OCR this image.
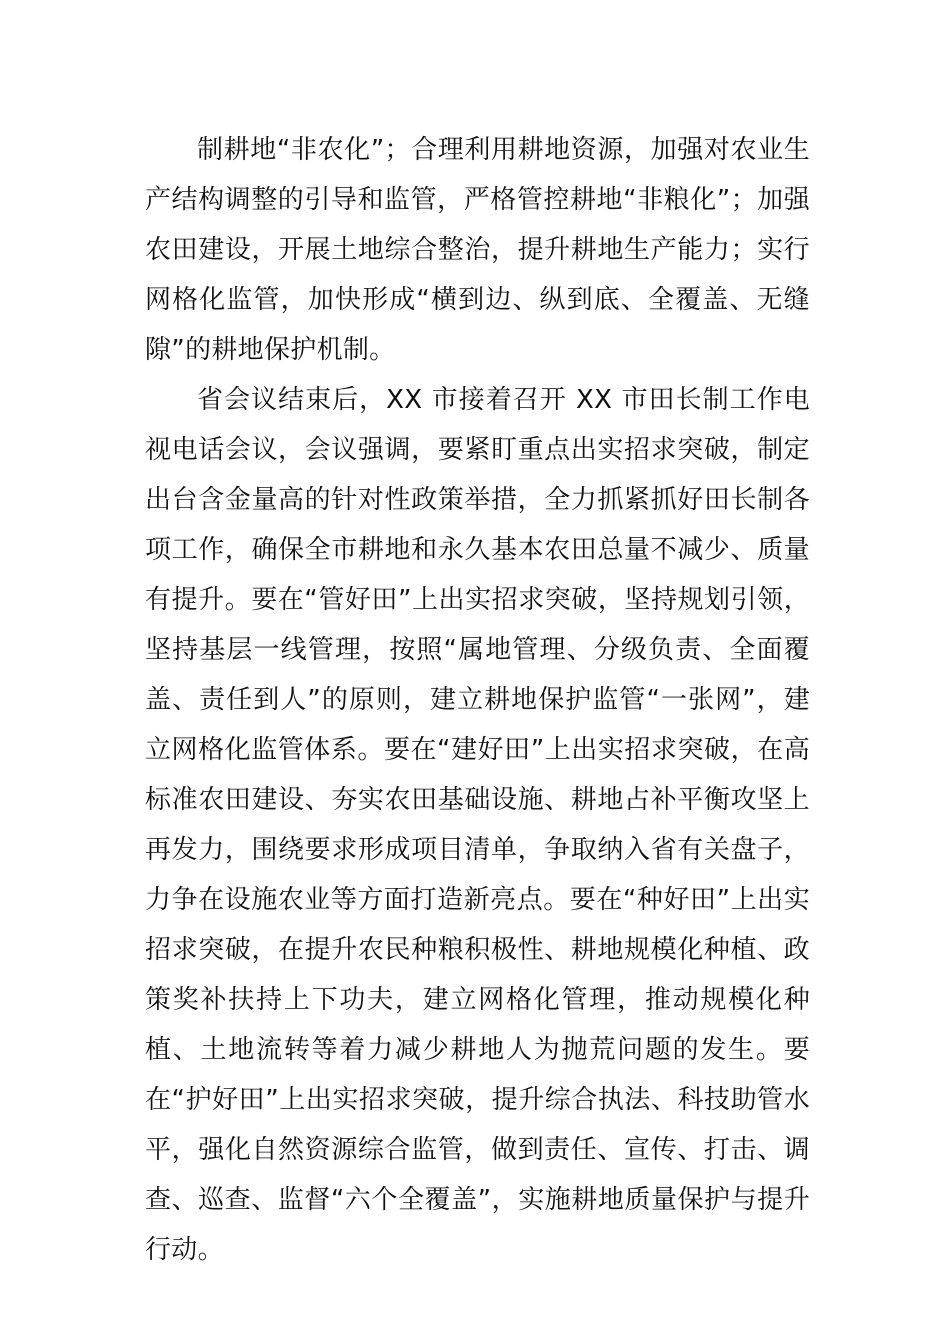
制耕地“非农化”；合理利用耕地资源，加强对农业生产结构调整的引导和监管，严格管控耕地“非粮化”；加强农田建设，开展土地综合整治，提升耕地生产能力；实行网格化监管，加快形成“横到边、纵到底、全覆盖、无缝隙”的耕地保护机制。

省会议结束后，XX 市接着召开 XX 市田长制工作电视电话会议，会议强调，要紧盯重点出实招求突破，制定出台含金量高的针对性政策举措，全力抓紧抓好田长制各项工作，确保全市耕地和永久基本农田总量不减少、质量有提升。要在“管好田”上出实招求突破，坚持规划引领，坚持基层一线管理，按照“属地管理、分级负责、全面覆盖、责任到人”的原则，建立耕地保护监管“一张网”，建立网格化监管体系。要在“建好田”上出实招求突破，在高标准农田建设、夯实农田基础设施、耕地占补平衡攻坚上再发力，围绕要求形成项目清单，争取纳入省有关盘子，力争在设施农业等方面打造新亮点。要在“种好田”上出实招求突破，在提升农民种粮积极性、耕地规模化种植、政策奖补扶持上下功夫，建立网格化管理，推动规模化种植、土地流转等着力减少耕地人为抛荒问题的发生。要在“护好田”上出实招求突破，提升综合执法、科技助管水平，强化自然资源综合监管，做到责任、宣传、打击、调查、巡查、监督“六个全覆盖”，实施耕地质量保护与提升行动。
